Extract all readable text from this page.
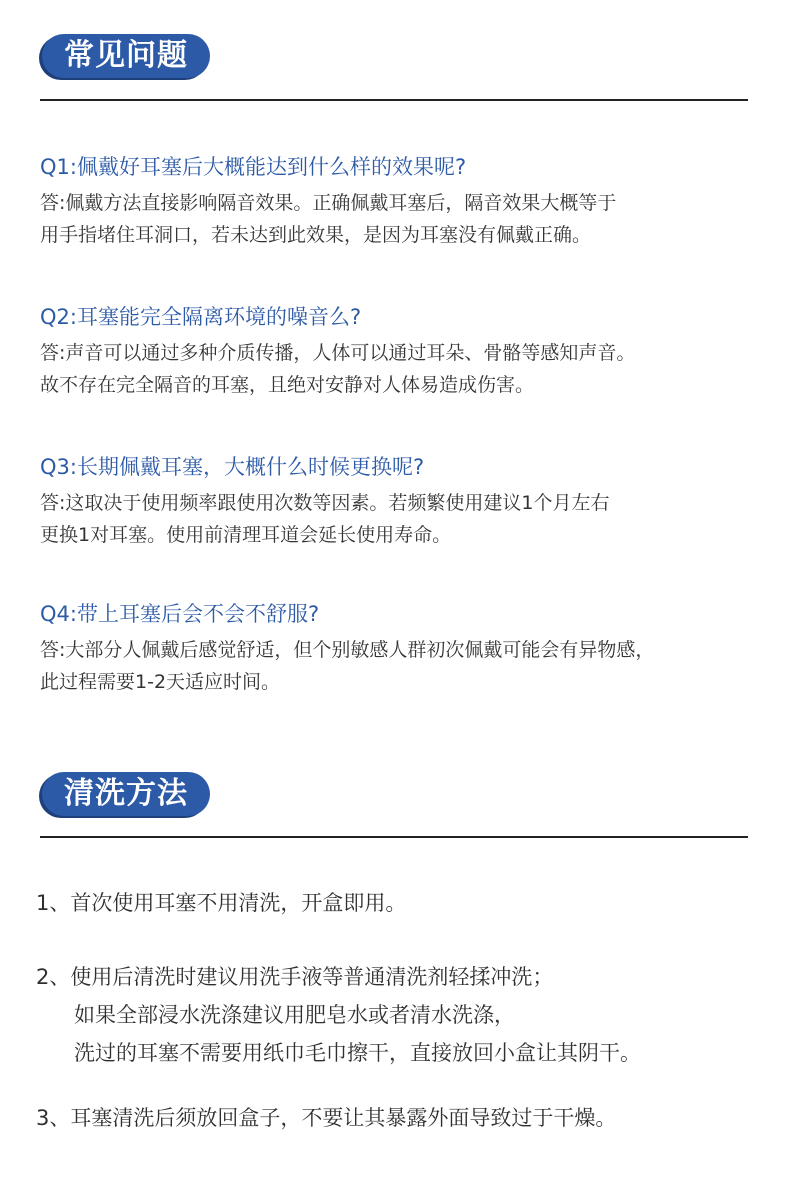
常见问题
Q1:佩戴好耳塞后大概能达到什么样的效果呢?
答:佩戴方法直接影响隔音效果。正确佩戴耳塞后，隔音效果大概等于
用手指堵住耳洞口，若未达到此效果，是因为耳塞没有佩戴正确。
Q2:耳塞能完全隔离环境的噪音么?
答:声音可以通过多种介质传播，人体可以通过耳朵、骨骼等感知声音。
故不存在完全隔音的耳塞，且绝对安静对人体易造成伤害。
Q3:长期佩戴耳塞，大概什么时候更换呢?
答:这取决于使用频率跟使用次数等因素。若频繁使用建议1个月左右
更换1对耳塞。使用前清理耳道会延长使用寿命。
Q4:带上耳塞后会不会不舒服?
答:大部分人佩戴后感觉舒适，但个别敏感人群初次佩戴可能会有异物感，
此过程需要1-2天适应时间。
清洗方法
1、首次使用耳塞不用清洗，开盒即用。
2、使用后清洗时建议用洗手液等普通清洗剂轻揉冲洗；
如果全部浸水洗涤建议用肥皂水或者清水洗涤，
洗过的耳塞不需要用纸巾毛巾擦干，直接放回小盒让其阴干。
3、耳塞清洗后须放回盒子，不要让其暴露外面导致过于干燥。
